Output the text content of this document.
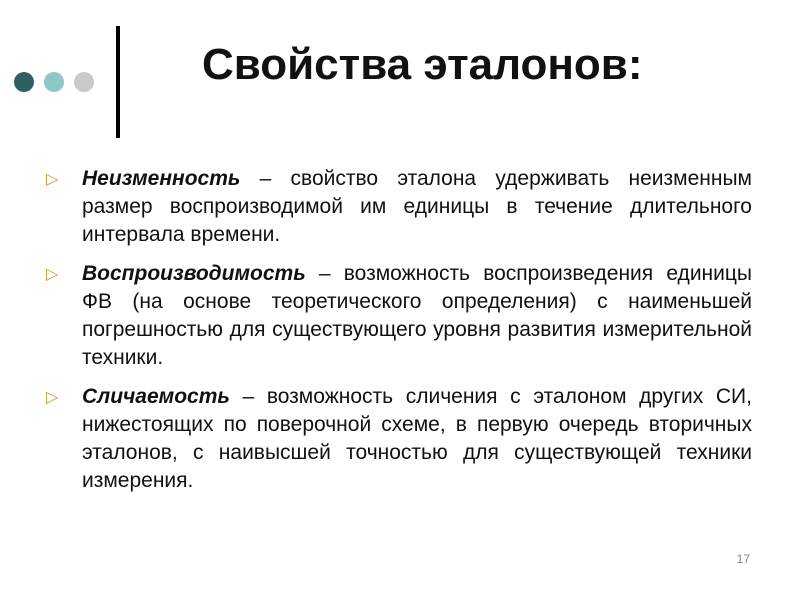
Свойства эталонов:
▷ Неизменность – свойство эталона удерживать неизменным размер воспроизводимой им единицы в течение длительного интервала времени.
▷ Воспроизводимость – возможность воспроизведения единицы ФВ (на основе теоретического определения) с наименьшей погрешностью для существующего уровня развития измерительной техники.
▷ Сличаемость – возможность сличения с эталоном других СИ, нижестоящих по поверочной схеме, в первую очередь вторичных эталонов, с наивысшей точностью для существующей техники измерения.
17
